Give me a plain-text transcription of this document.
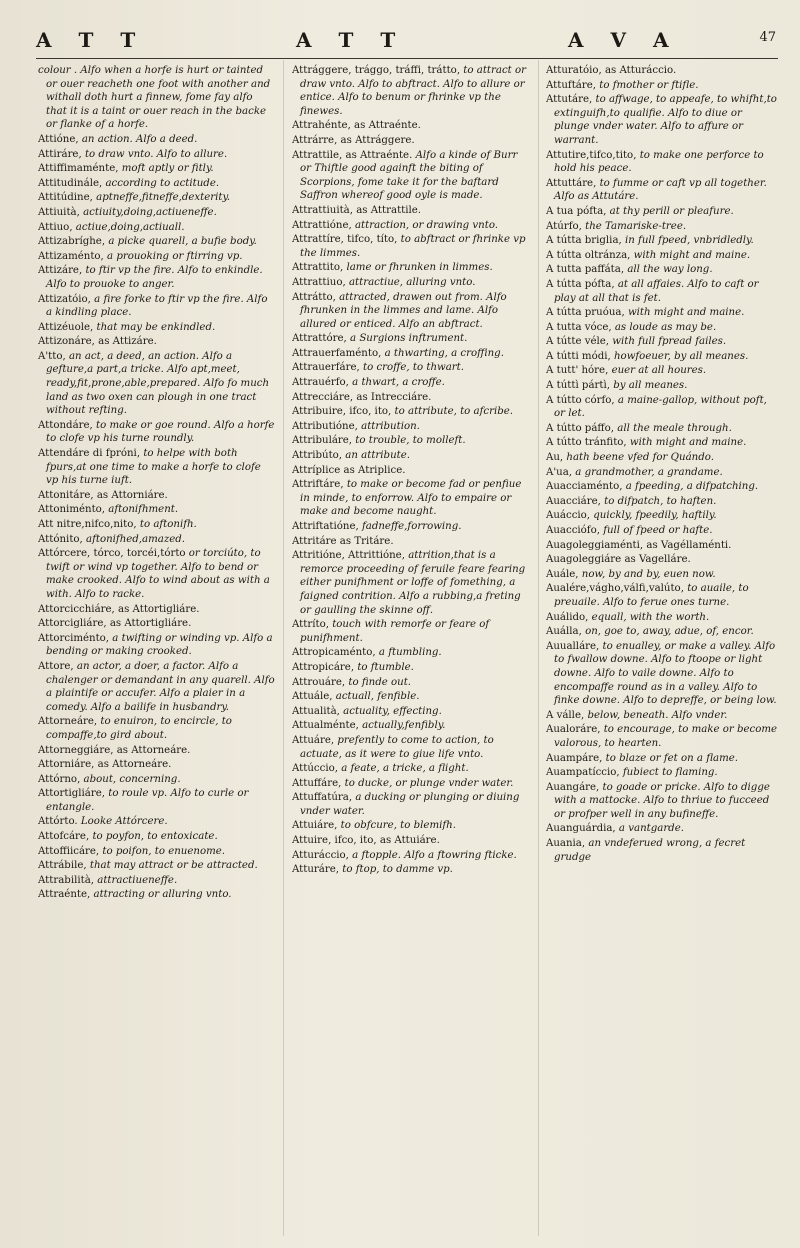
A T T	A T T	A V A	47
colour . Alfo when a horfe is hurt or tainted or ouer reacheth one foot with another and withall doth hurt a finnew, fome fay alfo that it is a taint or ouer reach in the backe or flanke of a horfe.
Attióne, an action. Alfo a deed.
Attiráre, to draw vnto. Alfo to allure.
Attiffimaménte, moft aptly or fitly.
Attitudinále, according to actitude.
Attitúdine, aptneffe,fitneffe,dexterity.
Attiuità, actiuity,doing,actiueneffe.
Attiuo, actiue,doing,actiuall.
Attizabríghe, a picke quarell, a bufie body.
Attizaménto, a prouoking or ftirring vp.
Attizáre, to ftir vp the fire. Alfo to enkindle. Alfo to prouoke to anger.
Attizatóio, a fire forke to ftir vp the fire. Alfo a kindling place.
Attizéuole, that may be enkindled.
Attizonáre, as Attizáre.
A'tto, an act, a deed, an action. Alfo a gefture,a part,a tricke. Alfo apt,meet, ready,fit,prone,able,prepared. Alfo fo much land as two oxen can plough in one tract without refting.
Attondáre, to make or goe round. Alfo a horfe to clofe vp his turne roundly.
Attendáre di fpróni, to helpe with both fpurs,at one time to make a horfe to clofe vp his turne iuft.
Attonitáre, as Attorniáre.
Attoniménto, aftonifhment.
Att nitre,nifco,nito, to aftonifh.
Attónito, aftonifhed,amazed.
Attórcere, tórco, torcéi,tórto or torciúto, to twift or wind vp together. Alfo to bend or make crooked. Alfo to wind about as with a with. Alfo to racke.
Attorcicchiáre, as Attortigliáre.
Attorcigliáre, as Attortigliáre.
Attorciménto, a twifting or winding vp. Alfo a bending or making crooked.
Attore, an actor, a doer, a factor. Alfo a chalenger or demandant in any quarell. Alfo a plaintife or accufer. Alfo a plaier in a comedy. Alfo a bailife in husbandry.
Attorneáre, to enuiron, to encircle, to compaffe,to gird about.
Attorneggiáre, as Attorneáre.
Attorniáre, as Attorneáre.
Attórno, about, concerning.
Attortigliáre, to roule vp. Alfo to curle or entangle.
Attórto. Looke Attórcere.
Attofcáre, to poyfon, to entoxicate.
Attoffiicáre, to poifon, to enuenome.
Attrábile, that may attract or be attracted.
Attrabilità, attractiueneffe.
Attraénte, attracting or alluring vnto.
Attrággere, trággo, tráffi, trátto, to attract or draw vnto. Alfo to abftract. Alfo to allure or entice. Alfo to benum or fhrinke vp the finewes.
Attrahénte, as Attraénte.
Attrárre, as Attrággere.
Attrattile, as Attraénte. Alfo a kinde of Burr or Thiftle good againft the biting of Scorpions, fome take it for the baftard Saffron whereof good oyle is made.
Attrattiuità, as Attrattile.
Attrattióne, attraction, or drawing vnto.
Attrattíre, tifco, títo, to abftract or fhrinke vp the limmes.
Attrattito, lame or fhrunken in limmes.
Attrattiuo, attractiue, alluring vnto.
Attrátto, attracted, drawen out from. Alfo fhrunken in the limmes and lame. Alfo allured or enticed. Alfo an abftract.
Attrattóre, a Surgions inftrument.
Attrauerfaménto, a thwarting, a croffing.
Attrauerfáre, to croffe, to thwart.
Attrauérfo, a thwart, a croffe.
Attrecciáre, as Intrecciáre.
Attribuire, ifco, ito, to attribute, to afcribe.
Attributióne, attribution.
Attribuláre, to trouble, to molleft.
Attribúto, an attribute.
Attríplice as Atriplice.
Attriftáre, to make or become fad or penfiue in minde, to enforrow. Alfo to empaire or make and become naught.
Attriftatióne, fadneffe,forrowing.
Attritáre as Tritáre.
Attritióne, Attrittióne, attrition,that is a remorce proceeding of feruile feare fearing either punifhment or loffe of fomething, a faigned contrition. Alfo a rubbing,a freting or gaulling the skinne off.
Attríto, touch with remorfe or feare of punifhment.
Attropicaménto, a ftumbling.
Attropicáre, to ftumble.
Attrouáre, to finde out.
Attuále, actuall, fenfible.
Attualità, actuality, effecting.
Attualménte, actually,fenfibly.
Attuáre, prefently to come to action, to actuate, as it were to giue life vnto.
Attúccio, a feate, a tricke, a flight.
Attuffáre, to ducke, or plunge vnder water.
Attuffatúra, a ducking or plunging or diuing vnder water.
Attuiáre, to obfcure, to blemifh.
Attuire, ifco, ito, as Attuiáre.
Atturáccio, a ftopple. Alfo a ftowring fticke.
Atturáre, to ftop, to damme vp.
Atturatóio, as Atturáccio.
Attuftáre, to fmother or ftifle.
Attutáre, to affwage, to appeafe, to whifht,to extinguifh,to qualifie. Alfo to diue or plunge vnder water. Alfo to affure or warrant.
Attutire,tifco,tito, to make one perforce to hold his peace.
Attuttáre, to fumme or caft vp all together. Alfo as Attutáre.
A tua pófta, at thy perill or pleafure.
Atúrfo, the Tamariske-tree.
A tútta briglia, in full fpeed, vnbridledly.
A tútta oltránza, with might and maine.
A tutta paffáta, all the way long.
A tútta pófta, at all affaies. Alfo to caft or play at all that is fet.
A tútta pruóua, with might and maine.
A tutta vóce, as loude as may be.
A tútte véle, with full fpread failes.
A tútti módi, howfoeuer, by all meanes.
A tutt' hóre, euer at all houres.
A túttì pártì, by all meanes.
A tútto córfo, a maine-gallop, without poft, or let.
A tútto páffo, all the meale through.
A tútto tránfito, with might and maine.
Au, hath beene vfed for Quándo.
A'ua, a grandmother, a grandame.
Auacciaménto, a fpeeding, a difpatching.
Auacciáre, to difpatch, to haften.
Auáccio, quickly, fpeedily, haftily.
Auacciófo, full of fpeed or hafte.
Auagoleggiaménti, as Vagéllaménti.
Auagoleggiáre as Vagelláre.
Auále, now, by and by, euen now.
Aualére,vágho,válfi,valúto, to auaile, to preuaile. Alfo to ferue ones turne.
Auálido, equall, with the worth.
Auálla, on, goe to, away, adue, of, encor.
Auualláre, to enualley, or make a valley. Alfo to fwallow downe. Alfo to ftoope or light downe. Alfo to vaile downe. Alfo to encompaffe round as in a valley. Alfo to finke downe. Alfo to depreffe, or being low.
A válle, below, beneath. Alfo vnder.
Aualoráre, to encourage, to make or become valorous, to hearten.
Auampáre, to blaze or fet on a flame.
Auampatíccio, fubiect to flaming.
Auangáre, to goade or pricke. Alfo to digge with a mattocke. Alfo to thriue to fucceed or profper well in any bufineffe.
Auanguárdia, a vantgarde.
Auania, an vndeferued wrong, a fecret grudge
